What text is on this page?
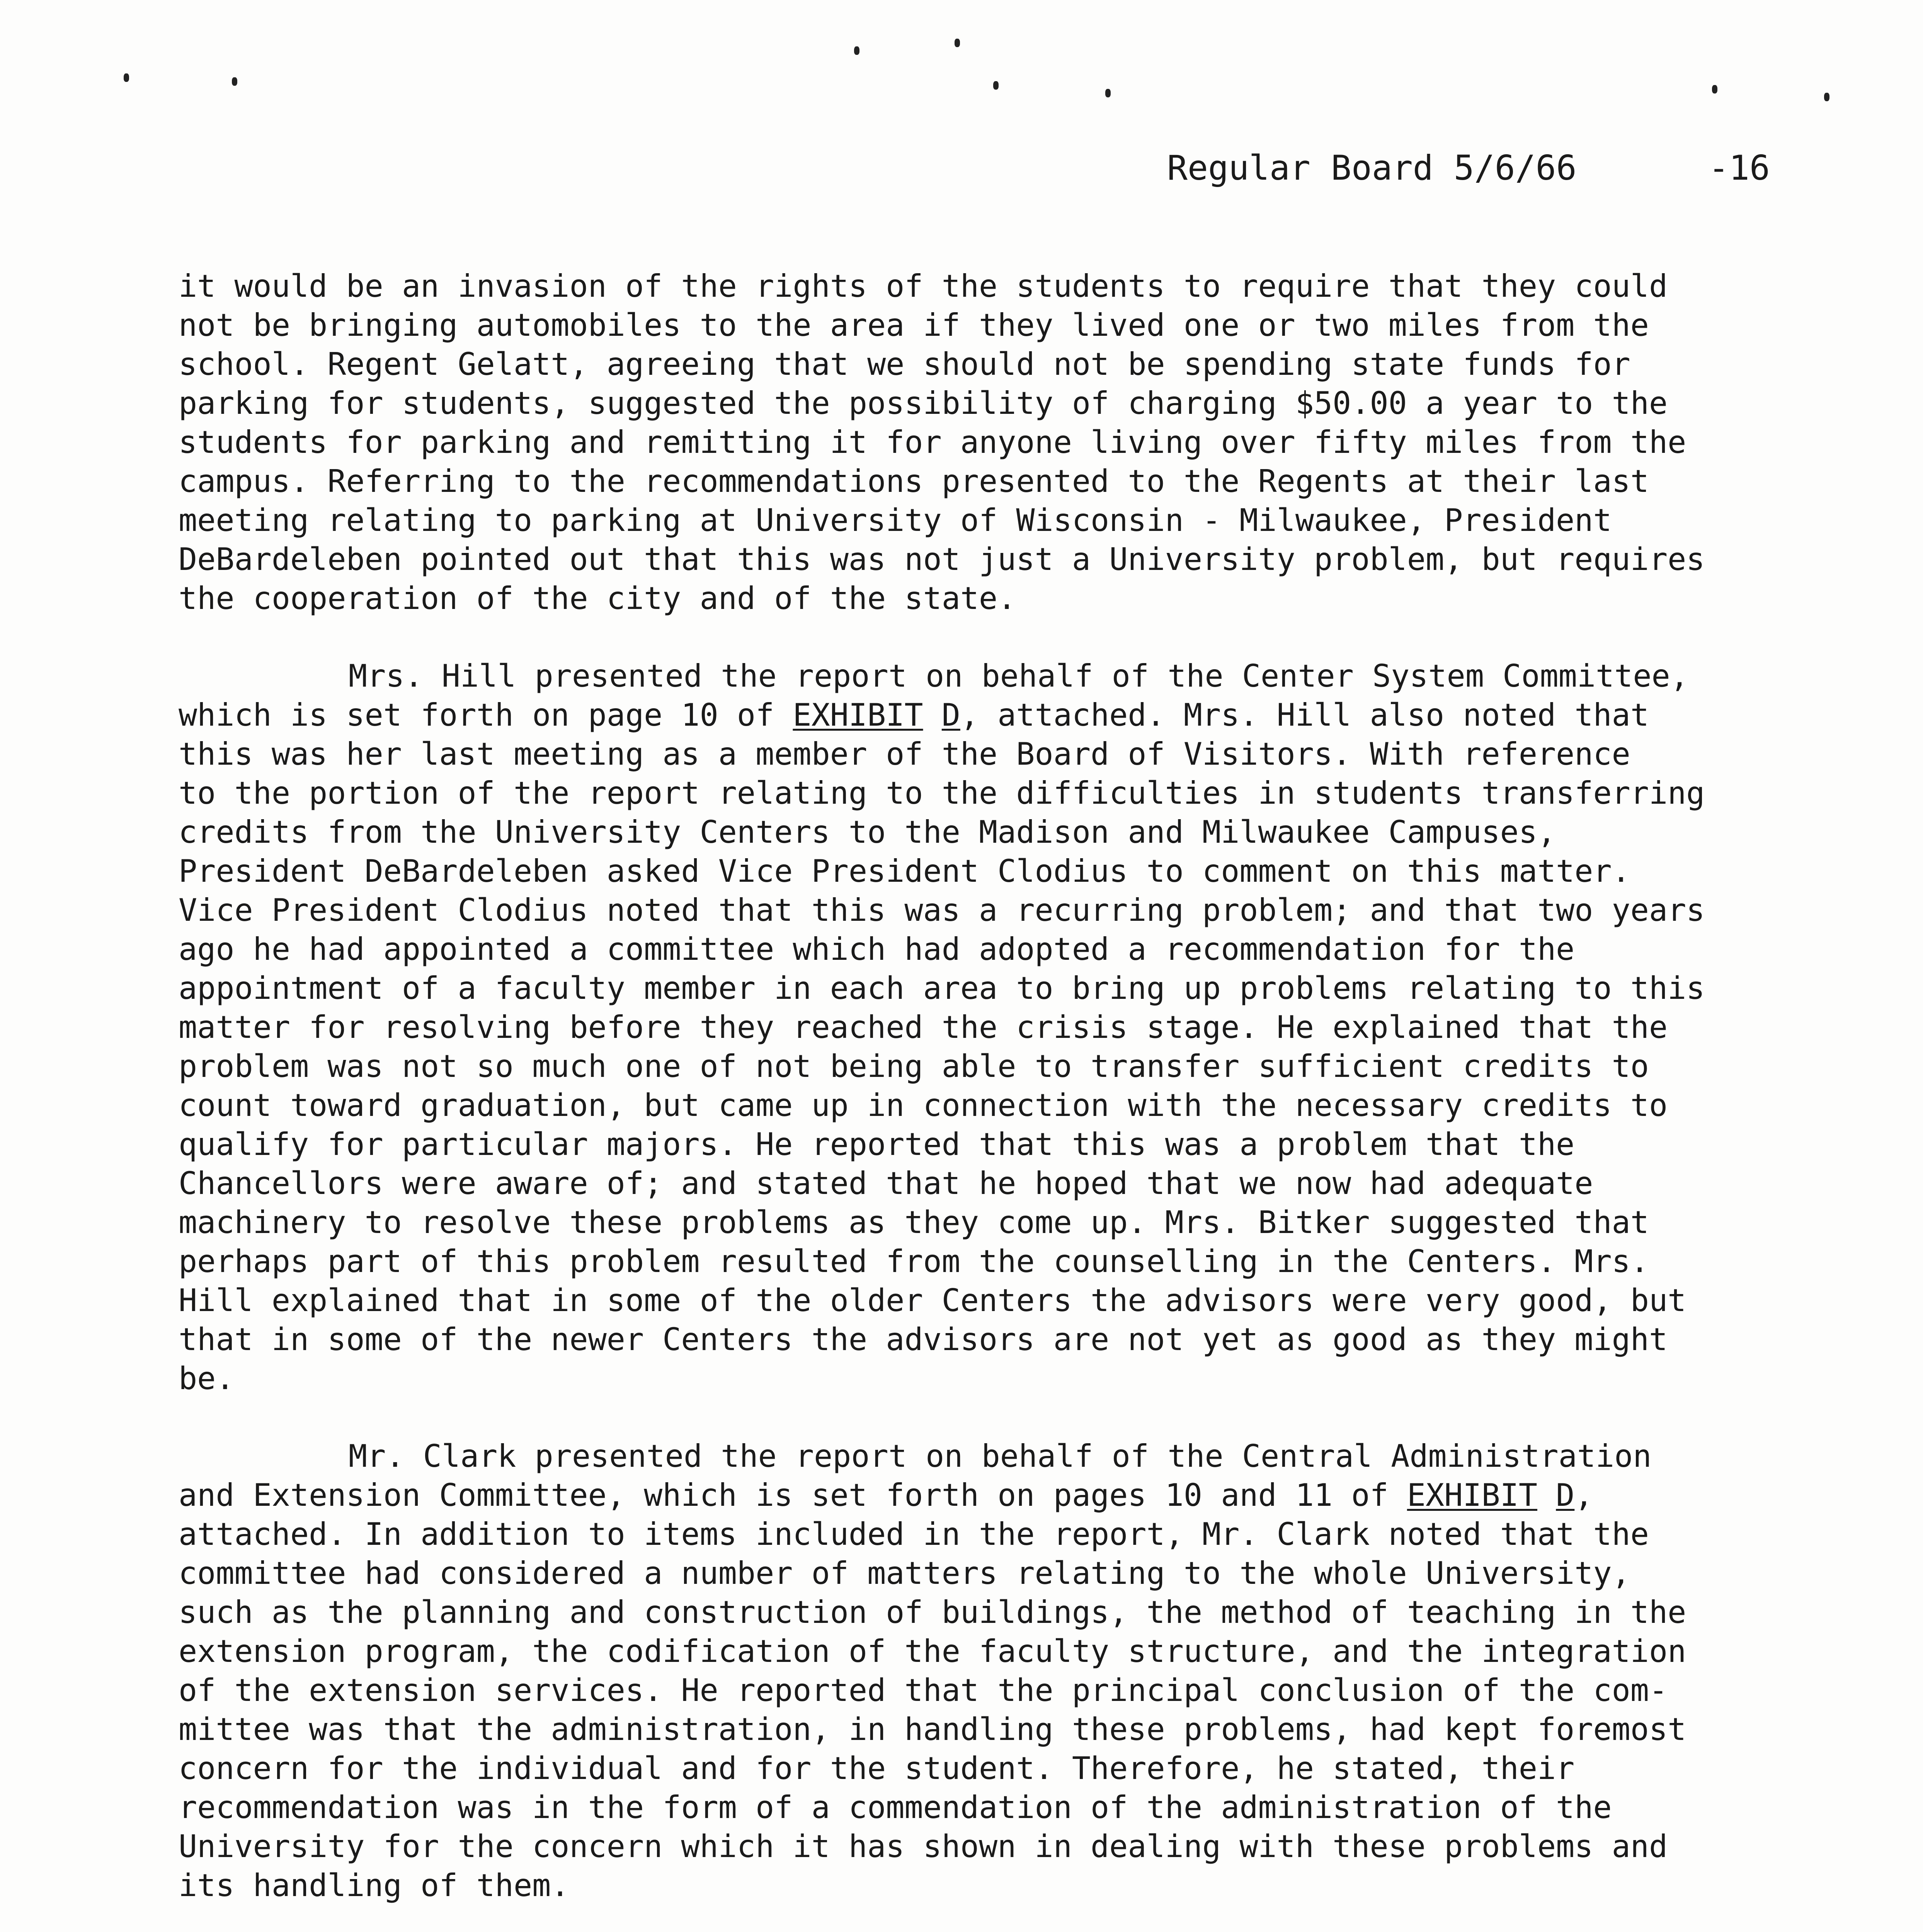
Regular Board 5/6/66	-16
it would be an invasion of the rights of the students to require that they could
not be bringing automobiles to the area if they lived one or two miles from the
school. Regent Gelatt, agreeing that we should not be spending state funds for
parking for students, suggested the possibility of charging $50.00 a year to the
students for parking and remitting it for anyone living over fifty miles from the
campus. Referring to the recommendations presented to the Regents at their last
meeting relating to parking at University of Wisconsin - Milwaukee, President
DeBardeleben pointed out that this was not just a University problem, but requires
the cooperation of the city and of the state.
Mrs. Hill presented the report on behalf of the Center System Committee,
which is set forth on page 10 of EXHIBIT D, attached. Mrs. Hill also noted that
this was her last meeting as a member of the Board of Visitors. With reference
to the portion of the report relating to the difficulties in students transferring
credits from the University Centers to the Madison and Milwaukee Campuses,
President DeBardeleben asked Vice President Clodius to comment on this matter.
Vice President Clodius noted that this was a recurring problem; and that two years
ago he had appointed a committee which had adopted a recommendation for the
appointment of a faculty member in each area to bring up problems relating to this
matter for resolving before they reached the crisis stage. He explained that the
problem was not so much one of not being able to transfer sufficient credits to
count toward graduation, but came up in connection with the necessary credits to
qualify for particular majors. He reported that this was a problem that the
Chancellors were aware of; and stated that he hoped that we now had adequate
machinery to resolve these problems as they come up. Mrs. Bitker suggested that
perhaps part of this problem resulted from the counselling in the Centers. Mrs.
Hill explained that in some of the older Centers the advisors were very good, but
that in some of the newer Centers the advisors are not yet as good as they might
be.
Mr. Clark presented the report on behalf of the Central Administration
and Extension Committee, which is set forth on pages 10 and 11 of EXHIBIT D,
attached. In addition to items included in the report, Mr. Clark noted that the
committee had considered a number of matters relating to the whole University,
such as the planning and construction of buildings, the method of teaching in the
extension program, the codification of the faculty structure, and the integration
of the extension services. He reported that the principal conclusion of the com-
mittee was that the administration, in handling these problems, had kept foremost
concern for the individual and for the student. Therefore, he stated, their
recommendation was in the form of a commendation of the administration of the
University for the concern which it has shown in dealing with these problems and
its handling of them.
